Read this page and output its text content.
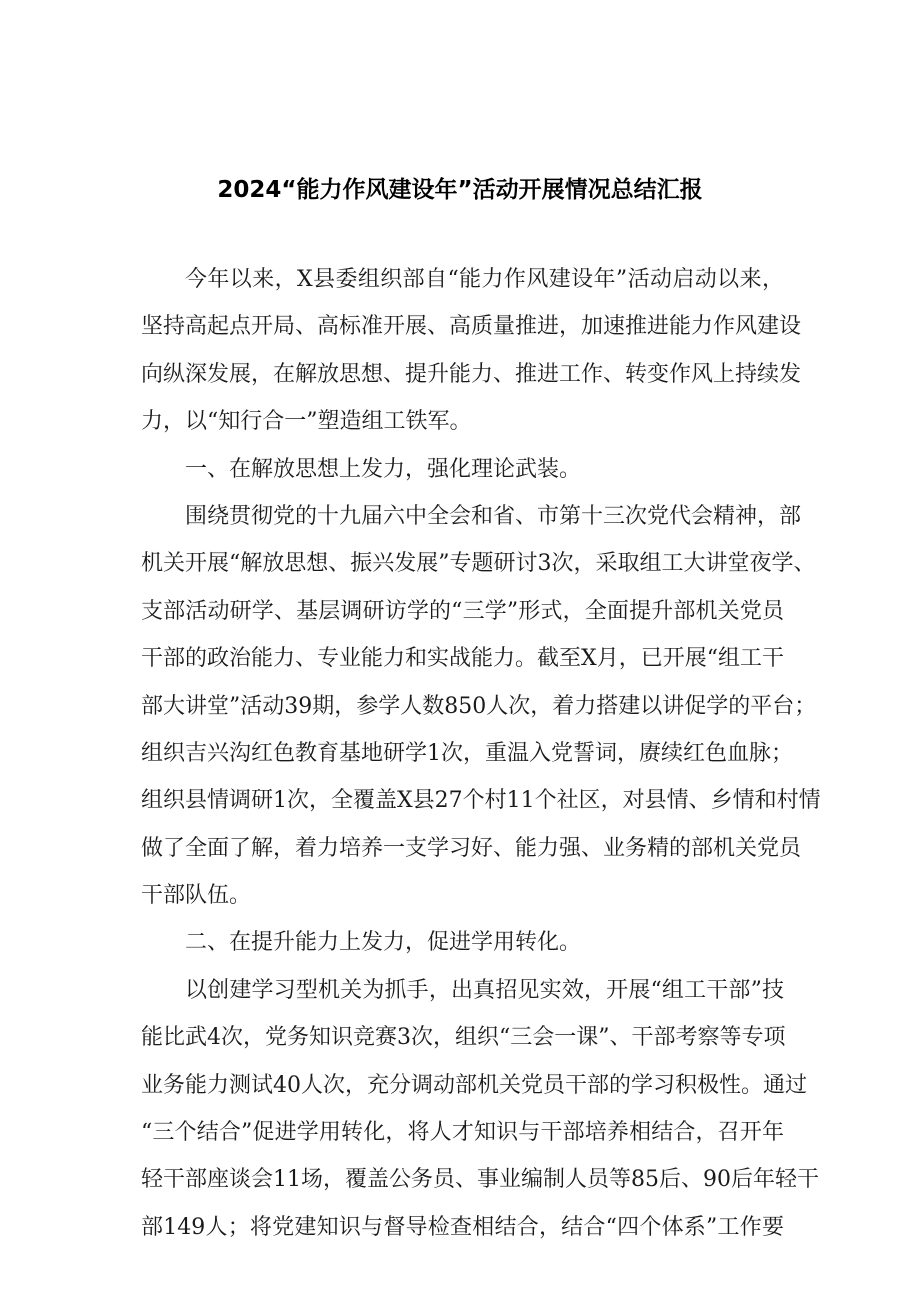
2024“能力作风建设年”活动开展情况总结汇报
今年以来，X县委组织部自“能力作风建设年”活动启动以来，
坚持高起点开局、高标准开展、高质量推进，加速推进能力作风建设
向纵深发展，在解放思想、提升能力、推进工作、转变作风上持续发
力，以“知行合一”塑造组工铁军。
一、在解放思想上发力，强化理论武装。
围绕贯彻党的十九届六中全会和省、市第十三次党代会精神，部
机关开展“解放思想、振兴发展”专题研讨3次，采取组工大讲堂夜学、
支部活动研学、基层调研访学的“三学”形式，全面提升部机关党员
干部的政治能力、专业能力和实战能力。截至X月，已开展“组工干
部大讲堂”活动39期，参学人数850人次，着力搭建以讲促学的平台；
组织吉兴沟红色教育基地研学1次，重温入党誓词，赓续红色血脉；
组织县情调研1次，全覆盖X县27个村11个社区，对县情、乡情和村情
做了全面了解，着力培养一支学习好、能力强、业务精的部机关党员
干部队伍。
二、在提升能力上发力，促进学用转化。
以创建学习型机关为抓手，出真招见实效，开展“组工干部”技
能比武4次，党务知识竞赛3次，组织“三会一课”、干部考察等专项
业务能力测试40人次，充分调动部机关党员干部的学习积极性。通过
“三个结合”促进学用转化，将人才知识与干部培养相结合，召开年
轻干部座谈会11场，覆盖公务员、事业编制人员等85后、90后年轻干
部149人；将党建知识与督导检查相结合，结合“四个体系”工作要
